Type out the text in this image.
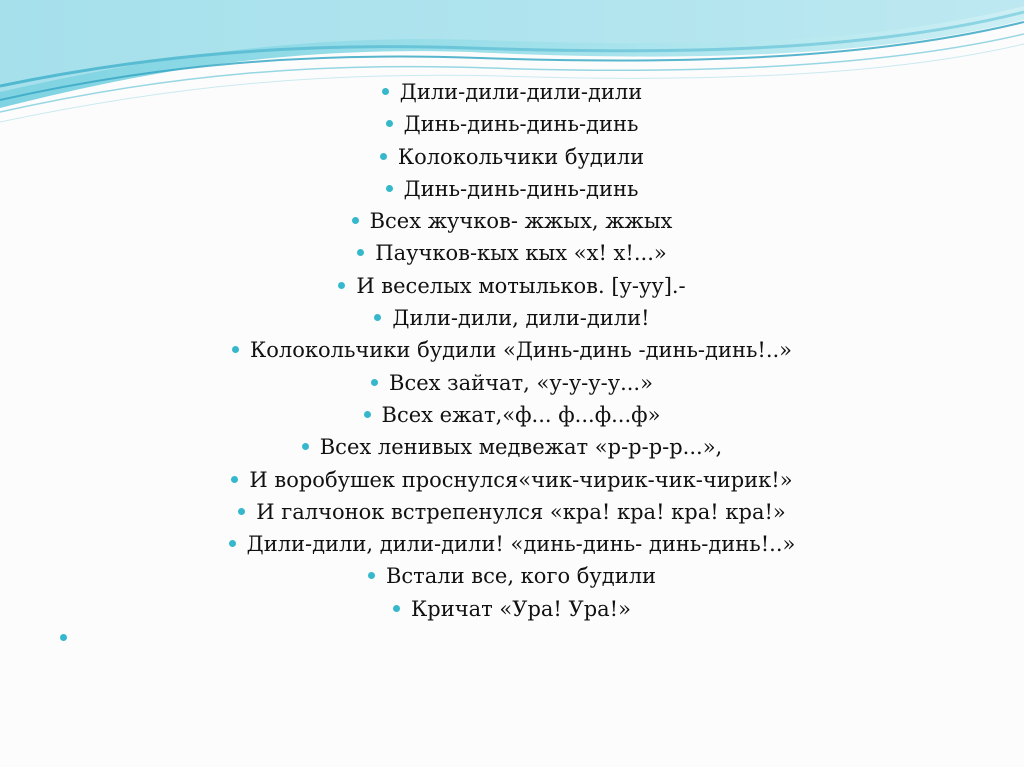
Дили-дили-дили-дили
Динь-динь-динь-динь
Колокольчики будили
Динь-динь-динь-динь
Всех жучков- жжых, жжых
Паучков-кых кых «х! х!...»
И веселых мотыльков. [у-уу].-
Дили-дили, дили-дили!
Колокольчики будили «Динь-динь -динь-динь!..»
Всех зайчат, «у-у-у-у...»
Всех ежат,«ф... ф...ф...ф»
Всех ленивых медвежат «р-р-р-р...»,
И воробушек проснулся«чик-чирик-чик-чирик!»
И галчонок встрепенулся «кра! кра! кра! кра!»
Дили-дили, дили-дили! «динь-динь- динь-динь!..»
Встали все, кого будили
Кричат «Ура! Ура!»
